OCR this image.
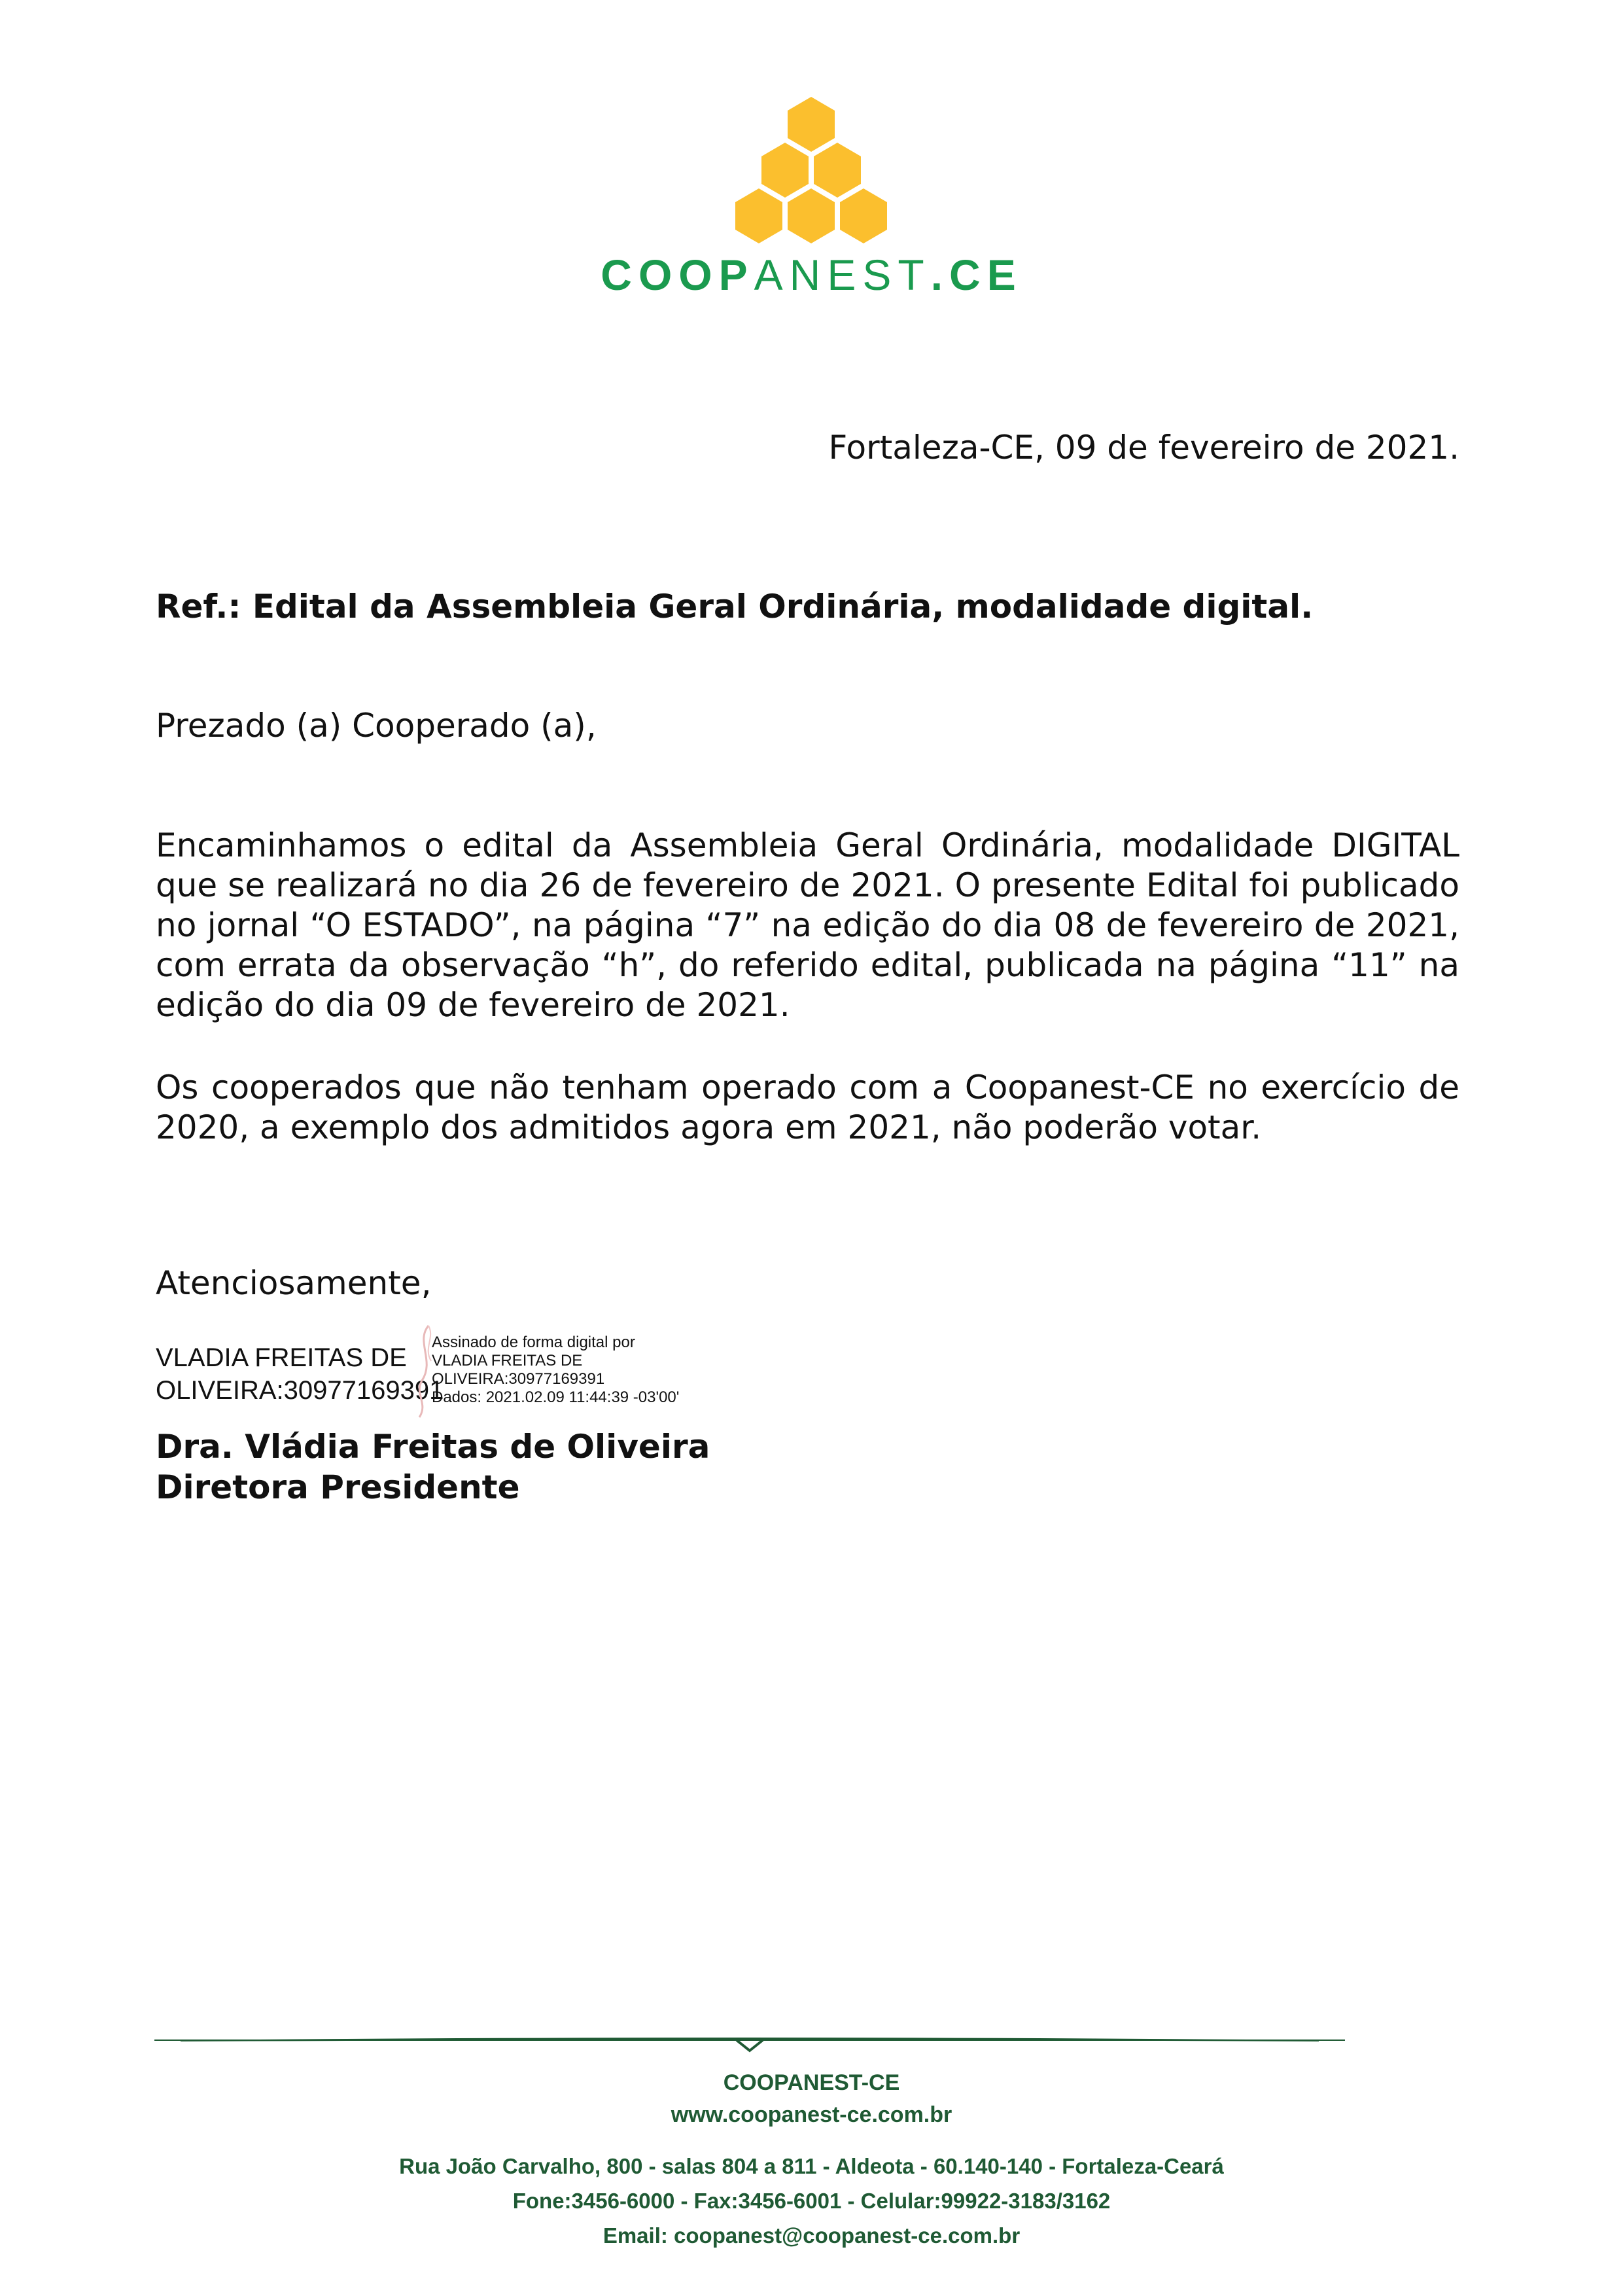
COOPANEST.CE
Fortaleza-CE, 09 de fevereiro de 2021.
Ref.: Edital da Assembleia Geral Ordinária, modalidade digital.
Prezado (a) Cooperado (a),
Encaminhamos o edital da Assembleia Geral Ordinária, modalidade DIGITAL que se realizará no dia 26 de fevereiro de 2021. O presente Edital foi publicado no jornal “O ESTADO”, na página “7” na edição do dia 08 de fevereiro de 2021, com errata da observação “h”, do referido edital, publicada na página “11” na edição do dia 09 de fevereiro de 2021.
Os cooperados que não tenham operado com a Coopanest-CE no exercício de 2020, a exemplo dos admitidos agora em 2021, não poderão votar.
Atenciosamente,
VLADIA FREITAS DE
OLIVEIRA:30977169391
Assinado de forma digital por
VLADIA FREITAS DE
OLIVEIRA:30977169391
Dados: 2021.02.09 11:44:39 -03'00'
Dra. Vládia Freitas de Oliveira
Diretora Presidente
COOPANEST-CE
www.coopanest-ce.com.br
Rua João Carvalho, 800 - salas 804 a 811 - Aldeota - 60.140-140 - Fortaleza-Ceará
Fone:3456-6000 - Fax:3456-6001 - Celular:99922-3183/3162
Email: coopanest@coopanest-ce.com.br
